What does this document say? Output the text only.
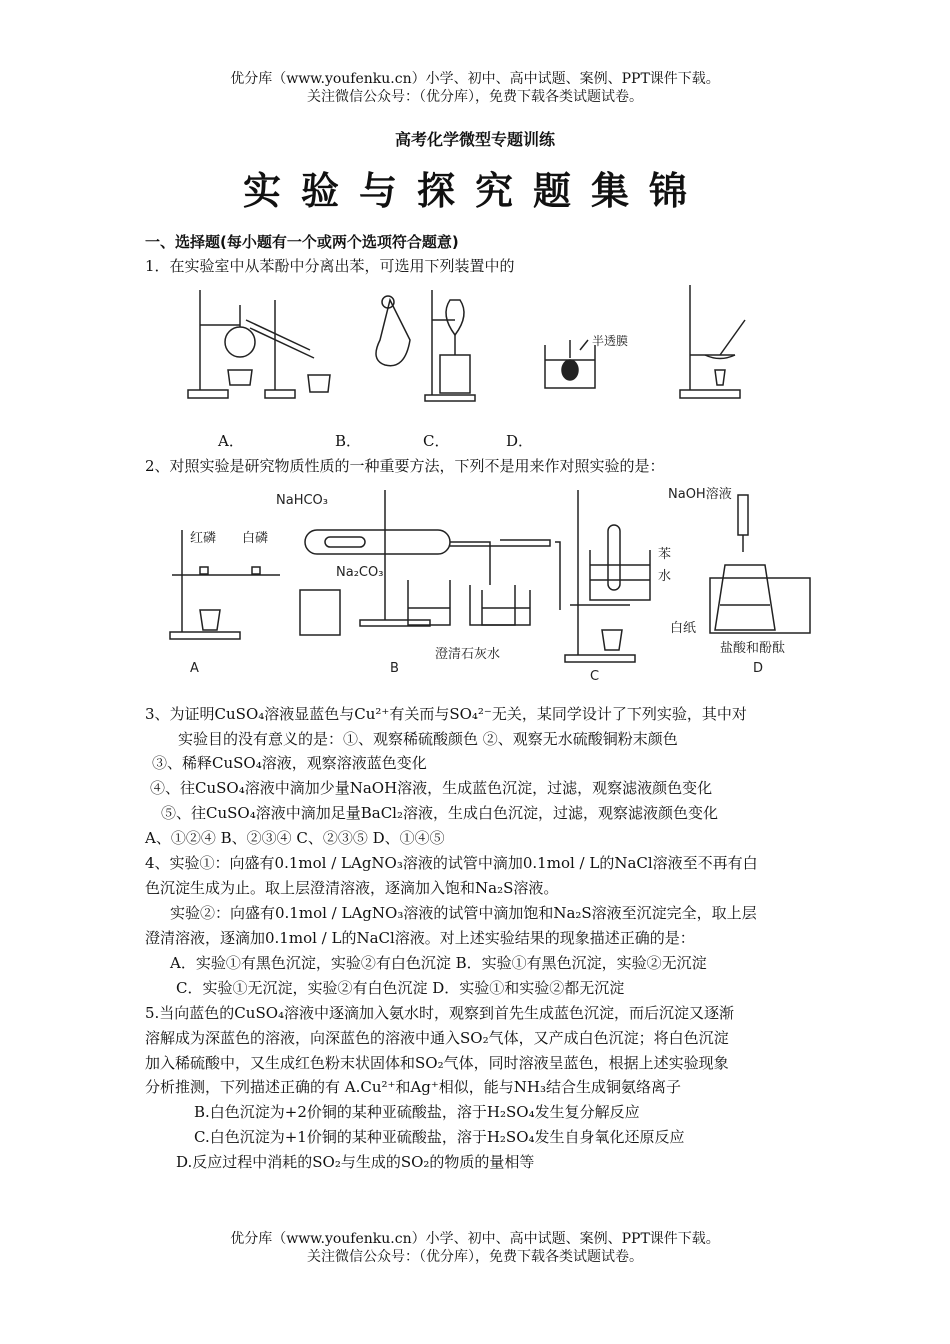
优分库（www.youfenku.cn）小学、初中、高中试题、案例、PPT课件下载。
关注微信公众号：（优分库），免费下载各类试题试卷。
高考化学微型专题训练
实验与探究题集锦
一、选择题(每小题有一个或两个选项符合题意)
1．在实验室中从苯酚中分离出苯，可选用下列装置中的
半透膜
A．	B．	C．	D．
2、对照实验是研究物质性质的一种重要方法，下列不是用来作对照实验的是：
红磷 白磷
NaHCO₃
Na₂CO₃
澄清石灰水
苯
水
NaOH溶液
白纸
盐酸和酚酞
A	B
C
D
3、为证明CuSO₄溶液显蓝色与Cu²⁺有关而与SO₄²⁻无关，某同学设计了下列实验，其中对
实验目的没有意义的是：①、观察稀硫酸颜色 ②、观察无水硫酸铜粉末颜色
③、稀释CuSO₄溶液，观察溶液蓝色变化
④、往CuSO₄溶液中滴加少量NaOH溶液，生成蓝色沉淀，过滤，观察滤液颜色变化
⑤、往CuSO₄溶液中滴加足量BaCl₂溶液，生成白色沉淀，过滤，观察滤液颜色变化
A、①②④ B、②③④ C、②③⑤ D、①④⑤
4、实验①：向盛有0.1mol / LAgNO₃溶液的试管中滴加0.1mol / L的NaCl溶液至不再有白
色沉淀生成为止。取上层澄清溶液，逐滴加入饱和Na₂S溶液。
实验②：向盛有0.1mol / LAgNO₃溶液的试管中滴加饱和Na₂S溶液至沉淀完全，取上层
澄清溶液，逐滴加0.1mol / L的NaCl溶液。对上述实验结果的现象描述正确的是：
A．实验①有黑色沉淀，实验②有白色沉淀 B．实验①有黑色沉淀，实验②无沉淀
C．实验①无沉淀，实验②有白色沉淀 D．实验①和实验②都无沉淀
5.当向蓝色的CuSO₄溶液中逐滴加入氨水时，观察到首先生成蓝色沉淀，而后沉淀又逐渐
溶解成为深蓝色的溶液，向深蓝色的溶液中通入SO₂气体，又产成白色沉淀；将白色沉淀
加入稀硫酸中，又生成红色粉末状固体和SO₂气体，同时溶液呈蓝色，根据上述实验现象
分析推测，下列描述正确的有 A.Cu²⁺和Ag⁺相似，能与NH₃结合生成铜氨络离子
B.白色沉淀为+2价铜的某种亚硫酸盐，溶于H₂SO₄发生复分解反应
C.白色沉淀为+1价铜的某种亚硫酸盐，溶于H₂SO₄发生自身氧化还原反应
D.反应过程中消耗的SO₂与生成的SO₂的物质的量相等
优分库（www.youfenku.cn）小学、初中、高中试题、案例、PPT课件下载。
关注微信公众号：（优分库），免费下载各类试题试卷。
